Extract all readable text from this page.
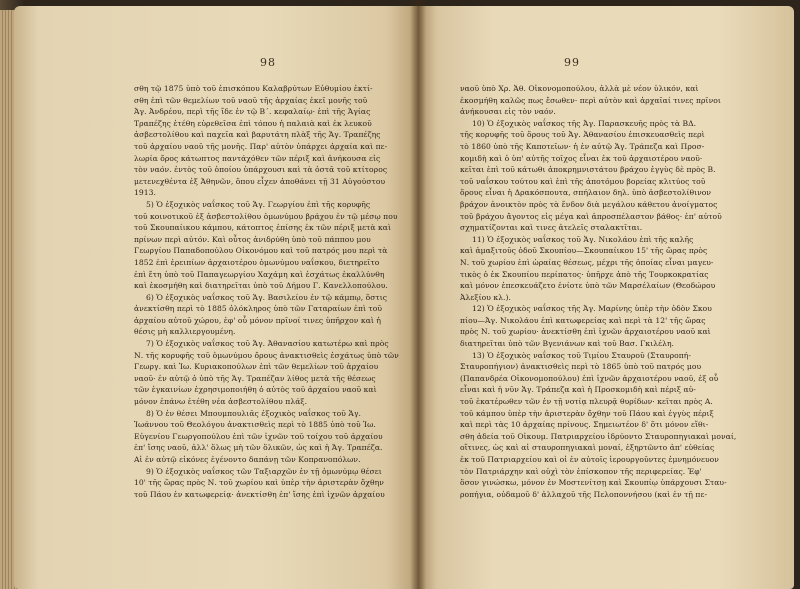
98
σθη τῷ 1875 ὑπὸ τοῦ ἐπισκόπου Καλαβρύτων Εὐθυμίου ἐκτί-
σθη ἐπὶ τῶν θεμελίων τοῦ ναοῦ τῆς ἀρχαίας ἐκεῖ μονῆς τοῦ
Ἁγ. Ἀνδρέου, περὶ τῆς ἴδε ἐν τῷ Β΄. κεφαλαίῳ· ἐπὶ τῆς Ἁγίας
Τραπέζης ἐτέθη εὑρεθεῖσα ἐπὶ τόπου ἡ παλαιὰ καὶ ἐκ λευκοῦ
ἀσβεστολίθου καὶ παχεῖα καὶ βαρυτάτη πλὰξ τῆς Ἁγ. Τραπέζης
τοῦ ἀρχαίου ναοῦ τῆς μονῆς. Παρ' αὐτὸν ὑπάρχει ἀρχαία καὶ πε-
λωρία ὄρος κάτωπτος παντάχόθεν τῶν πέριξ καὶ ἀνήκουσα εἰς
τὸν ναόν. ἐντὸς τοῦ ὁποίου ὑπάρχουσι καὶ τὰ ὀστᾶ τοῦ κτίτορος
μετενεχθέντα ἐξ Ἀθηνῶν, ὅπου εἶχεν ἀποθάνει τῇ 31 Αὐγούστου
1913.
5) Ὁ ἐξοχικὸς ναΐσκος τοῦ Ἁγ. Γεωργίου ἐπὶ τῆς κορυφῆς
τοῦ κοινοτικοῦ ἐξ ἀσβεστολίθου ὁμωνύμου βράχου ἐν τῷ μέσῳ που
τοῦ Σκουπαίικου κάμπου, κάτοπτος ἐπίσης ἐκ τῶν πέριξ μετὰ καὶ
πρίνων περὶ αὐτόν. Καὶ οὗτος ἀνιδρύθη ὑπὸ τοῦ πάππου μου
Γεωργίου Παπαδοπούλου Οἰκονόμου καὶ τοῦ πατρός μου περὶ τὰ
1852 ἐπὶ ἐρειπίων ἀρχαιοτέρου ὁμωνύμου ναΐσκου, διετηρεῖτο
ἐπὶ ἔτη ὑπὸ τοῦ Παπαγεωργίου Χαχάμη καὶ ἐσχάτως ἐκαλλύνθη
καὶ ἐκοσμήθη καὶ διατηρεῖται ὑπὸ τοῦ Δήμου Γ. Κανελλοπούλου.
6) Ὁ ἐξοχικὸς ναΐσκος τοῦ Ἁγ. Βασιλείου ἐν τῷ κάμπῳ, ὅστις
ἀνεκτίσθη περὶ τὸ 1885 ὁλόκληρος ὑπὸ τῶν Γαταραίων ἐπὶ τοῦ
ἀρχαίου αὐτοῦ χώρου, ἐφ' οὗ μόνον πρῖνοί τινες ὑπῆρχον καὶ ἡ
θέσις μὴ καλλιεργουμένη.
7) Ὁ ἐξοχικὸς ναΐσκος τοῦ Ἁγ. Ἀθανασίου κατωτέρω καὶ πρὸς
Ν. τῆς κορυφῆς τοῦ ὁμωνύμου ὄρους ἀνακτισθεὶς ἐσχάτως ὑπὸ τῶν
Γεωργ. καὶ Ἰω. Κυριακοπούλων ἐπὶ τῶν θεμελίων τοῦ ἀρχαίου
ναοῦ· ἐν αὐτῷ ὁ ὑπὸ τῆς Ἁγ. Τραπέζαν λίθος μετὰ τῆς θέσεως
τῶν ἐγκαινίων ἐχρησιμοποιήθη ὁ αὐτὸς τοῦ ἀρχαίου ναοῦ καὶ
μόνον ἐπάνω ἐτέθη νέα ἀσβεστολίθου πλάξ.
8) Ὁ ἐν θέσει Μπουμπουλιᾶς ἐξοχικὸς ναΐσκος τοῦ Ἁγ.
Ἰωάννου τοῦ Θεολόγου ἀνακτισθεὶς περὶ τὸ 1885 ὑπὸ τοῦ Ἰω.
Εὐγενίου Γεωργοπούλου ἐπὶ τῶν ἰχνῶν τοῦ τοίχου τοῦ ἀρχαίου
ἐπ' ἴσης ναοῦ, ἀλλ' ὅλως μὴ τῶν ὅλικῶν, ὡς καὶ ἡ Ἁγ. Τραπέζα.
Αἱ ἐν αὐτῷ εἰκόνες ἐγένοντο δαπάνῃ τῶν Κοπρανοπόλων.
9) Ὁ ἐξοχικὸς ναΐσκος τῶν Ταξιαρχῶν ἐν τῇ ὁμωνύμῳ θέσει
10' τῆς ὥρας πρὸς Ν. τοῦ χωρίου καὶ ὑπὲρ τὴν ἀριστερὰν ὄχθην
τοῦ Πάου ἐν κατωφερείᾳ· ἀνεκτίσθη ἐπ' ἴσης ἐπὶ ἰχνῶν ἀρχαίου
99
ναοῦ ὑπὸ Χρ. Ἀθ. Οἰκονομοπούλου, ἀλλὰ μὲ νέον ὑλικόν, καὶ
ἐκοσμήθη καλῶς πως ἔσωθεν· περὶ αὐτὸν καὶ ἀρχαῖαί τινες πρῖνοι
ἀνήκουσαι εἰς τὸν ναόν.
10) Ὁ ἐξοχικὸς ναΐσκος τῆς Ἁγ. Παρασκευῆς πρὸς τὰ ΒΔ.
τῆς κορυφῆς τοῦ ὄρους τοῦ Ἁγ. Ἀθανασίου ἐπισκευασθεὶς περὶ
τὸ 1860 ὑπὸ τῆς Καποτεῖων· ἡ ἐν αὐτῷ Ἁγ. Τράπεζα καὶ Προσ-
κομιδὴ καὶ ὁ ὑπ' αὐτῆς τοῖχος εἶναι ἐκ τοῦ ἀρχαιοτέρου ναοῦ·
κεῖται ἐπὶ τοῦ κάτωθι ἀποκρημνιστάτου βράχου ἐγγὺς δὲ πρὸς Β.
τοῦ ναΐσκου τούτου καὶ ἐπὶ τῆς ἀποτόμου βορείας κλιτύος τοῦ
ὄρους εἶναι ἡ Δρακόσπουτα, σπήλαιον δηλ. ὑπὸ ἀσβεστολίθινον
βράχον ἀνοικτὸν πρὸς τὰ ἔνδον διὰ μεγάλου κάθετου ἀνοίγματος
τοῦ βράχου ἄγοντος εἰς μέγα καὶ ἀπροσπέλαστον βάθος· ἐπ' αὐτοῦ
σχηματίζονται καὶ τινες ἀτελεῖς σταλακτῖται.
11) Ὁ ἐξοχικὸς ναΐσκος τοῦ Ἁγ. Νικολάου ἐπὶ τῆς καλῆς
καὶ ἁμαξιτοῦς ὁδοῦ Σκουπίου—Σκουπαίικου 15' τῆς ὥρας πρὸς
Ν. τοῦ χωρίου ἐπὶ ὡραίας θέσεως, μέχρι τῆς ὁποίας εἶναι μαγευ-
τικὸς ὁ ἐκ Σκουπίου περίπατος· ὑπῆρχε ἀπὸ τῆς Τουρκοκρατίας
καὶ μόνον ἐπεσκευάζετο ἐνίοτε ὑπὸ τῶν Μαρσέλαίων (Θεοδώρου
Ἀλεξίου κλ.).
12) Ὁ ἐξοχικὸς ναΐσκος τῆς Ἁγ. Μαρίνης ὑπὲρ τὴν ὁδὸν Σκου
πίου—Ἁγ. Νικολάου ἐπὶ κατωφερείας καὶ περὶ τὰ 12' τῆς ὥρας
πρὸς Ν. τοῦ χωρίου· ἀνεκτίσθη ἐπὶ ἰχνῶν ἀρχαιοτέρου ναοῦ καὶ
διατηρεῖται ὑπὸ τῶν Βγενιάνων καὶ τοῦ Βασ. Γκιλέλη.
13) Ὁ ἐξοχικὸς ναΐσκος τοῦ Τιμίου Σταυροῦ (Σταυροπή-
Σταυροπήγιον) ἀνακτισθεὶς περὶ τὸ 1865 ὑπὸ τοῦ πατρός μου
(Παπανδρέα Οἰκονομοπούλου) ἐπὶ ἰχνῶν ἀρχαιοτέρου ναοῦ, ἐξ οὗ
εἶναι καὶ ἡ νῦν Ἁγ. Τράπεζα καὶ ἡ Προσκομιδὴ καὶ πέριξ αὐ-
τοῦ ἑκατέρωθεν τῶν ἐν τῇ νοτίᾳ πλευρᾷ θυρίδων· κεῖται πρὸς Α.
τοῦ κάμπου ὑπὲρ τὴν ἀριστερὰν ὄχθην τοῦ Πάου καὶ ἐγγὺς πέριξ
καὶ περὶ τὰς 10 ἀρχαίας πρίνους. Σημειωτέον δ' ὅτι μόνον εἴθι-
σθη ἀδεία τοῦ Οἰκουμ. Πατριαρχείου ἱδρύοντο Σταυροπηγιακαὶ μοναί,
οἵτινες, ὡς καὶ αἱ σταυροπηγιακαὶ μοναί, ἐξηρτῶντο ἀπ' εὐθείας
ἐκ τοῦ Πατριαρχείου καὶ οἱ ἐν αὐτοῖς ἱερουργοῦντες ἐμνημόνευον
τὸν Πατριάρχην καὶ οὐχὶ τὸν ἐπίσκοπον τῆς περιφερείας. Ἐφ'
ὅσον γινώσκω, μόνον ἐν Μοστενίτσῃ καὶ Σκουπίῳ ὑπάρχουσι Σταυ-
ροπήγια, οὐδαμοῦ δ' ἀλλαχοῦ τῆς Πελοποννήσου (καὶ ἐν τῇ πε-
